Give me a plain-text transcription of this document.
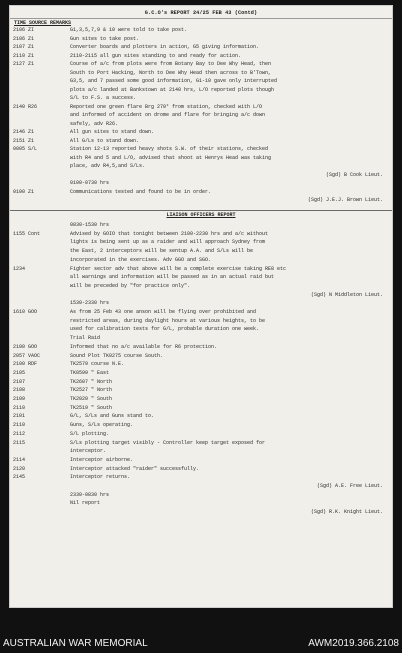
G.C.O's REPORT 24/25 FEB 43 (Contd)
TIME SOURCE REMARKS
2106 ZI	G1,3,5,7,9 & 10 were told to take post.
2106 Z1	Gun sites to take post.
2107 Z1	Converter boards and plotters in action, G5 giving information.
2110 Z1	2110-2115 all gun sites standing to and ready for action.
2127 Z1	Course of a/c from plots were from Botany Bay to Dee Why Head, then
South to Port Hacking, North to Dee Why Head then across to B'Town,
G3,5, and 7 passed some good information, G1-10 gave only interrupted
plots a/c landed at Bankstown at 2140 hrs, L/O reported plots though
S/L to F.S. a success.
2140 R26	Reported one green flare Brg 270° from station, checked with L/O
and informed of accident on drome and flare for bringing a/c down
safely, adv R26.
2146 Z1	All gun sites to stand down.
2151 Z1	All G/Ls to stand down.
0005 S/L	Station 12-13 reported heavy shots S.W. of their stations, checked
with R4 and 5 and L/O, advised that shoot at Henrys Head was taking
place, adv R4,5,and S/Ls.
(Sgd) B Cook Lieut.
0100-0730 hrs
0100 Z1	Communications tested and found to be in order.
(Sgd) J.E.J. Brown Lieut.
LIAISON OFFICERS REPORT
0830-1530 hrs
1155 Cont	Advised by GOIO that tonight between 2100-2230 hrs and a/c without
lights is being sent up as a raider and will approach Sydney from
the East, 2 interceptors will be sentup A.A. and S/Ls will be
incorporated in the exercises. Adv GGO and SGO.
1234	Fighter sector adv that above will be a complete exercise taking RE8 etc
all warnings and information will be passed as in an actual raid but
will be preceded by "for practice only".
(Sgd) N Middleton Lieut.
1530-2330 hrs
1610 GOO	As from 25 Feb 43 one anson will be flying over prohibited and
restricted areas, during daylight hours at various heights, to be
used for calibration tests for G/L, probable duration one week.
Trial Raid
2100 GOO	Informed that no a/c available for R6 protection.
2057 VAOC	Sound Plot TK0275 course South.
2100 RDF	TK2579 course N.E.
2105	TK0599 " East
2107	TK2607 " North
2108	TK2527 " North
2109	TK2020 " South
2110	TK2519 " South
2101	G/L, S/Ls and Guns stand to.
2110	Guns, S/Ls operating.
2112	S/L plotting.
2115	S/Ls plotting target visibly - Controller keep target exposed for
interceptor.
2114	Interceptor airborne.
2120	Interceptor attacked "raider" successfully.
2145	Interceptor returns.
(Sgd) A.E. Free Lieut.
2330-0830 hrs
Nil report
(Sgd) R.K. Knight Lieut.
AUSTRALIAN WAR MEMORIAL	AWM2019.366.2108
